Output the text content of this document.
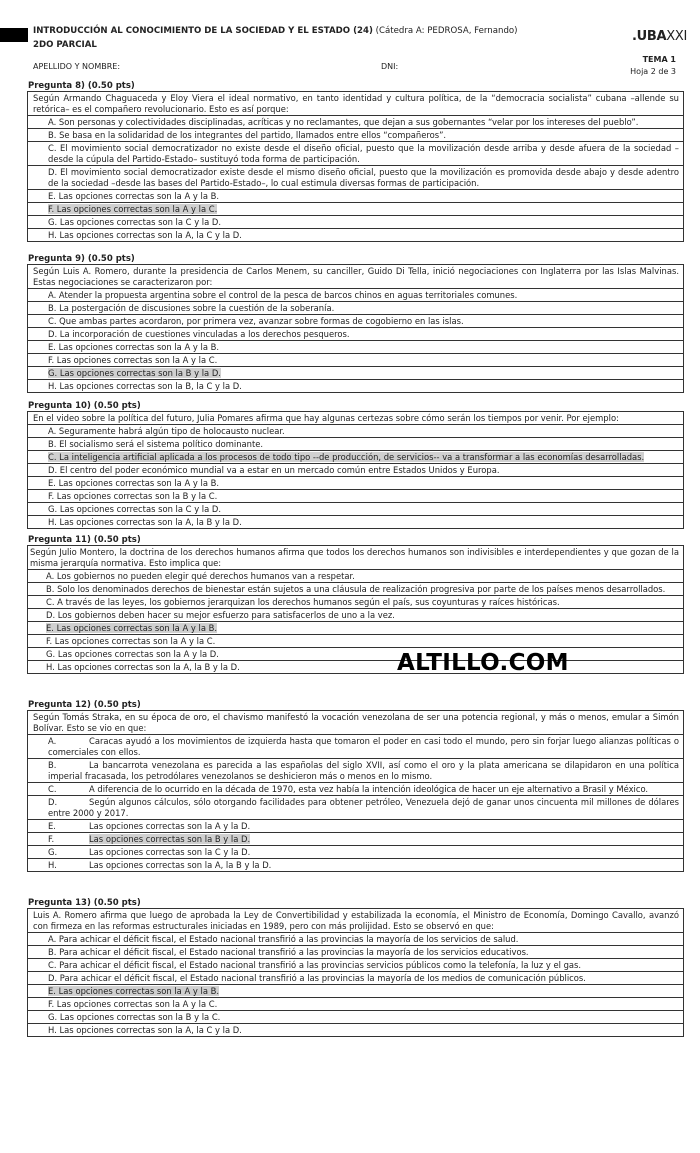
INTRODUCCIÓN AL CONOCIMIENTO DE LA SOCIEDAD Y EL ESTADO (24) (Cátedra A: PEDROSA, Fernando)
2DO PARCIAL
.UBAXXI
APELLIDO Y NOMBRE:	DNI:
TEMA 1
Hoja 2 de 3
Pregunta 8) (0.50 pts)
Según Armando Chaguaceda y Eloy Viera el ideal normativo, en tanto identidad y cultura política, de la “democracia socialista” cubana –allende su retórica– es el compañero revolucionario. Esto es así porque:
A. Son personas y colectividades disciplinadas, acríticas y no reclamantes, que dejan a sus gobernantes “velar por los intereses del pueblo”.
B. Se basa en la solidaridad de los integrantes del partido, llamados entre ellos “compañeros”.
C. El movimiento social democratizador no existe desde el diseño oficial, puesto que la movilización desde arriba y desde afuera de la sociedad –desde la cúpula del Partido-Estado– sustituyó toda forma de participación.
D. El movimiento social democratizador existe desde el mismo diseño oficial, puesto que la movilización es promovida desde abajo y desde adentro de la sociedad –desde las bases del Partido-Estado–, lo cual estimula diversas formas de participación.
E. Las opciones correctas son la A y la B.
F. Las opciones correctas son la A y la C.
G. Las opciones correctas son la C y la D.
H. Las opciones correctas son la A, la C y la D.
Pregunta 9) (0.50 pts)
Según Luis A. Romero, durante la presidencia de Carlos Menem, su canciller, Guido Di Tella, inició negociaciones con Inglaterra por las Islas Malvinas. Estas negociaciones se caracterizaron por:
A. Atender la propuesta argentina sobre el control de la pesca de barcos chinos en aguas territoriales comunes.
B. La postergación de discusiones sobre la cuestión de la soberanía.
C. Que ambas partes acordaron, por primera vez, avanzar sobre formas de cogobierno en las islas.
D. La incorporación de cuestiones vinculadas a los derechos pesqueros.
E. Las opciones correctas son la A y la B.
F. Las opciones correctas son la A y la C.
G. Las opciones correctas son la B y la D.
H. Las opciones correctas son la B, la C y la D.
Pregunta 10) (0.50 pts)
En el video sobre la política del futuro, Julia Pomares afirma que hay algunas certezas sobre cómo serán los tiempos por venir. Por ejemplo:
A. Seguramente habrá algún tipo de holocausto nuclear.
B. El socialismo será el sistema político dominante.
C. La inteligencia artificial aplicada a los procesos de todo tipo --de producción, de servicios-- va a transformar a las economías desarrolladas.
D. El centro del poder económico mundial va a estar en un mercado común entre Estados Unidos y Europa.
E. Las opciones correctas son la A y la B.
F. Las opciones correctas son la B y la C.
G. Las opciones correctas son la C y la D.
H. Las opciones correctas son la A, la B y la D.
Pregunta 11) (0.50 pts)
Según Julio Montero, la doctrina de los derechos humanos afirma que todos los derechos humanos son indivisibles e interdependientes y que gozan de la misma jerarquía normativa. Esto implica que:
A. Los gobiernos no pueden elegir qué derechos humanos van a respetar.
B. Solo los denominados derechos de bienestar están sujetos a una cláusula de realización progresiva por parte de los países menos desarrollados.
C. A través de las leyes, los gobiernos jerarquizan los derechos humanos según el país, sus coyunturas y raíces históricas.
D. Los gobiernos deben hacer su mejor esfuerzo para satisfacerlos de uno a la vez.
E. Las opciones correctas son la A y la B.
F. Las opciones correctas son la A y la C.
G. Las opciones correctas son la A y la D.
H. Las opciones correctas son la A, la B y la D.
Pregunta 12) (0.50 pts)
Según Tomás Straka, en su época de oro, el chavismo manifestó la vocación venezolana de ser una potencia regional, y más o menos, emular a Simón Bolívar. Esto se vio en que:
A.	Caracas ayudó a los movimientos de izquierda hasta que tomaron el poder en casi todo el mundo, pero sin forjar luego alianzas políticas o comerciales con ellos.
B.	La bancarrota venezolana es parecida a las españolas del siglo XVII, así como el oro y la plata americana se dilapidaron en una política imperial fracasada, los petrodólares venezolanos se deshicieron más o menos en lo mismo.
C.	A diferencia de lo ocurrido en la década de 1970, esta vez había la intención ideológica de hacer un eje alternativo a Brasil y México.
D.	Según algunos cálculos, sólo otorgando facilidades para obtener petróleo, Venezuela dejó de ganar unos cincuenta mil millones de dólares entre 2000 y 2017.
E.	Las opciones correctas son la A y la D.
F.	Las opciones correctas son la B y la D.
G.	Las opciones correctas son la C y la D.
H.	Las opciones correctas son la A, la B y la D.
Pregunta 13) (0.50 pts)
Luis A. Romero afirma que luego de aprobada la Ley de Convertibilidad y estabilizada la economía, el Ministro de Economía, Domingo Cavallo, avanzó con firmeza en las reformas estructurales iniciadas en 1989, pero con más prolijidad. Esto se observó en que:
A. Para achicar el déficit fiscal, el Estado nacional transfirió a las provincias la mayoría de los servicios de salud.
B. Para achicar el déficit fiscal, el Estado nacional transfirió a las provincias la mayoría de los servicios educativos.
C. Para achicar el déficit fiscal, el Estado nacional transfirió a las provincias servicios públicos como la telefonía, la luz y el gas.
D. Para achicar el déficit fiscal, el Estado nacional transfirió a las provincias la mayoría de los medios de comunicación públicos.
E. Las opciones correctas son la A y la B.
F. Las opciones correctas son la A y la C.
G. Las opciones correctas son la B y la C.
H. Las opciones correctas son la A, la C y la D.
ALTILLO.COM
